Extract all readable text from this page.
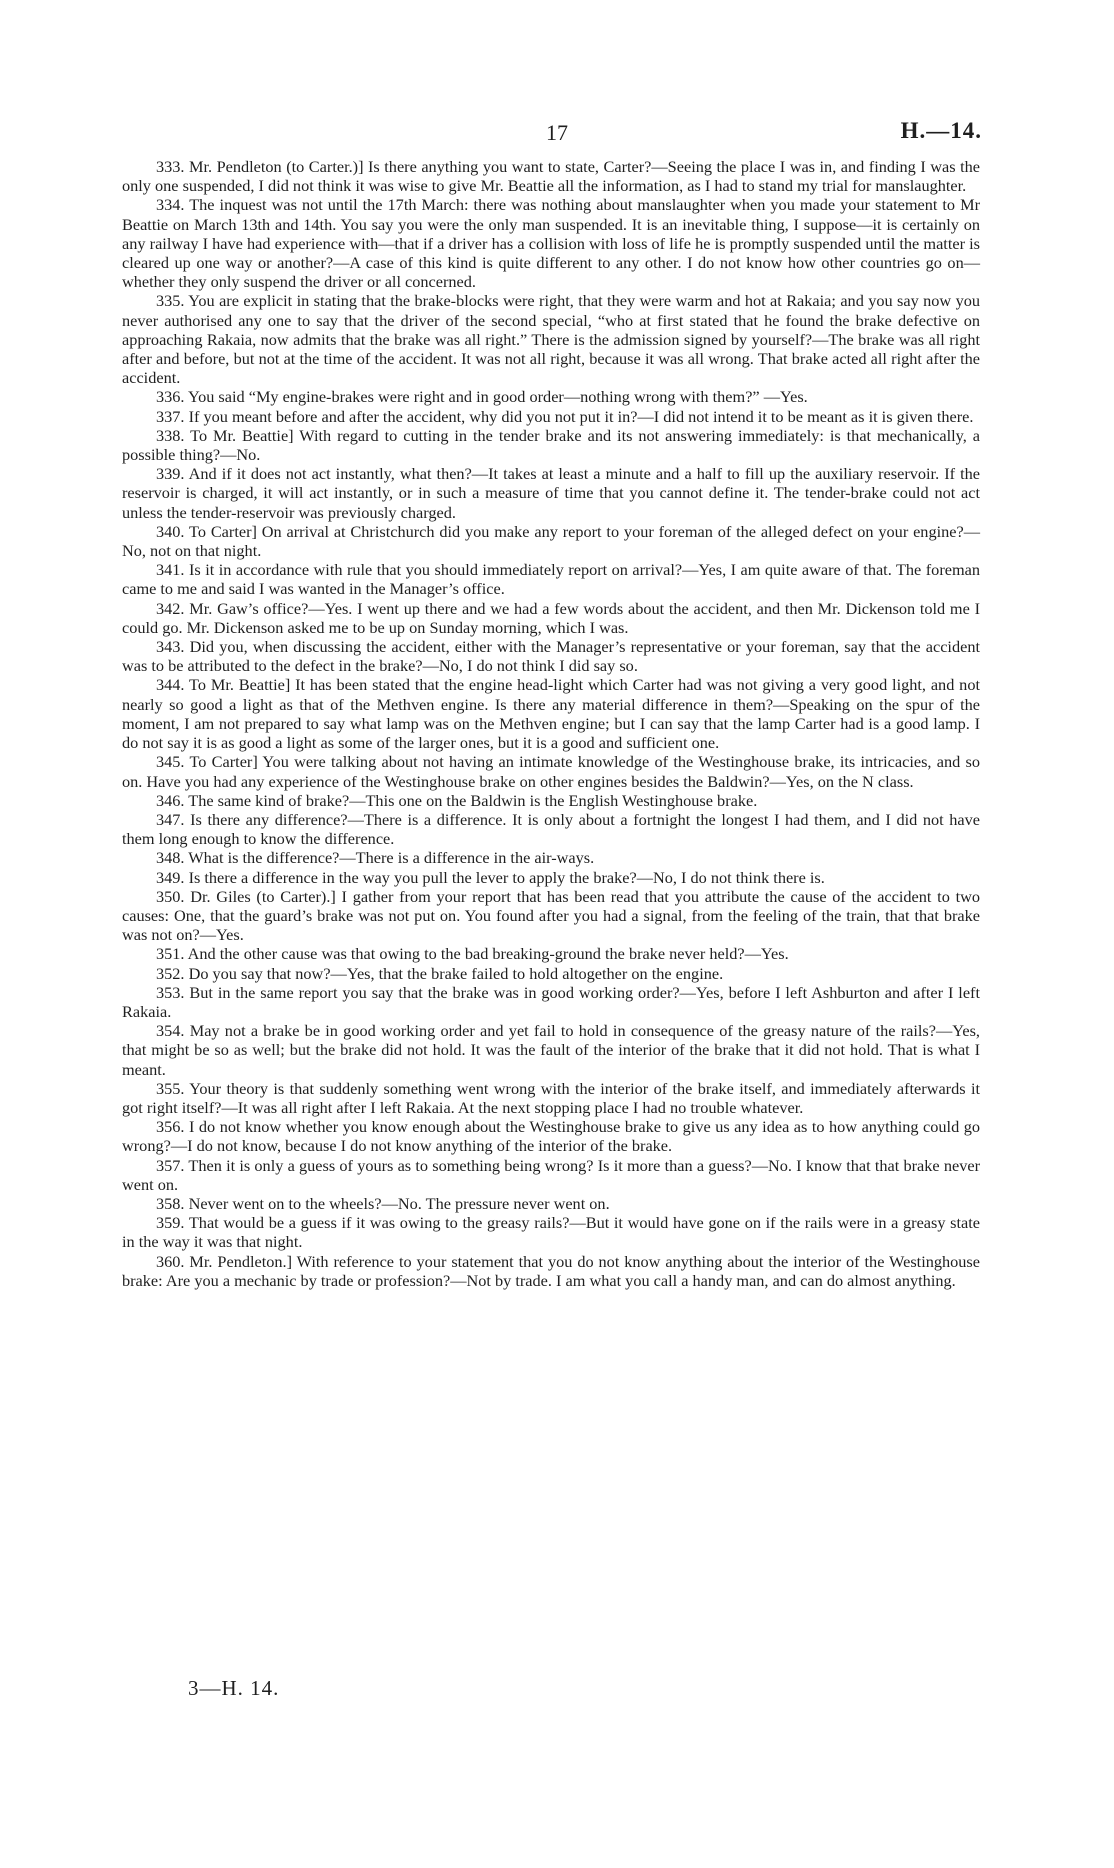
17	H.—14.

333. Mr. Pendleton (to Carter.)] Is there anything you want to state, Carter?—Seeing the place I was in, and finding I was the only one suspended, I did not think it was wise to give Mr. Beattie all the information, as I had to stand my trial for manslaughter.

334. The inquest was not until the 17th March: there was nothing about manslaughter when you made your statement to Mr Beattie on March 13th and 14th. You say you were the only man suspended. It is an inevitable thing, I suppose—it is certainly on any railway I have had experience with—that if a driver has a collision with loss of life he is promptly suspended until the matter is cleared up one way or another?—A case of this kind is quite different to any other. I do not know how other countries go on—whether they only suspend the driver or all concerned.

335. You are explicit in stating that the brake-blocks were right, that they were warm and hot at Rakaia; and you say now you never authorised any one to say that the driver of the second special, “who at first stated that he found the brake defective on approaching Rakaia, now admits that the brake was all right.” There is the admission signed by yourself?—The brake was all right after and before, but not at the time of the accident. It was not all right, because it was all wrong. That brake acted all right after the accident.

336. You said “My engine-brakes were right and in good order—nothing wrong with them?” —Yes.

337. If you meant before and after the accident, why did you not put it in?—I did not intend it to be meant as it is given there.

338. To Mr. Beattie] With regard to cutting in the tender brake and its not answering immediately: is that mechanically, a possible thing?—No.

339. And if it does not act instantly, what then?—It takes at least a minute and a half to fill up the auxiliary reservoir. If the reservoir is charged, it will act instantly, or in such a measure of time that you cannot define it. The tender-brake could not act unless the tender-reservoir was previously charged.

340. To Carter] On arrival at Christchurch did you make any report to your foreman of the alleged defect on your engine?—No, not on that night.

341. Is it in accordance with rule that you should immediately report on arrival?—Yes, I am quite aware of that. The foreman came to me and said I was wanted in the Manager’s office.

342. Mr. Gaw’s office?—Yes. I went up there and we had a few words about the accident, and then Mr. Dickenson told me I could go. Mr. Dickenson asked me to be up on Sunday morning, which I was.

343. Did you, when discussing the accident, either with the Manager’s representative or your foreman, say that the accident was to be attributed to the defect in the brake?—No, I do not think I did say so.

344. To Mr. Beattie] It has been stated that the engine head-light which Carter had was not giving a very good light, and not nearly so good a light as that of the Methven engine. Is there any material difference in them?—Speaking on the spur of the moment, I am not prepared to say what lamp was on the Methven engine; but I can say that the lamp Carter had is a good lamp. I do not say it is as good a light as some of the larger ones, but it is a good and sufficient one.

345. To Carter] You were talking about not having an intimate knowledge of the Westinghouse brake, its intricacies, and so on. Have you had any experience of the Westinghouse brake on other engines besides the Baldwin?—Yes, on the N class.

346. The same kind of brake?—This one on the Baldwin is the English Westinghouse brake.

347. Is there any difference?—There is a difference. It is only about a fortnight the longest I had them, and I did not have them long enough to know the difference.

348. What is the difference?—There is a difference in the air-ways.

349. Is there a difference in the way you pull the lever to apply the brake?—No, I do not think there is.

350. Dr. Giles (to Carter).] I gather from your report that has been read that you attribute the cause of the accident to two causes: One, that the guard’s brake was not put on. You found after you had a signal, from the feeling of the train, that that brake was not on?—Yes.

351. And the other cause was that owing to the bad breaking-ground the brake never held?—Yes.

352. Do you say that now?—Yes, that the brake failed to hold altogether on the engine.

353. But in the same report you say that the brake was in good working order?—Yes, before I left Ashburton and after I left Rakaia.

354. May not a brake be in good working order and yet fail to hold in consequence of the greasy nature of the rails?—Yes, that might be so as well; but the brake did not hold. It was the fault of the interior of the brake that it did not hold. That is what I meant.

355. Your theory is that suddenly something went wrong with the interior of the brake itself, and immediately afterwards it got right itself?—It was all right after I left Rakaia. At the next stopping place I had no trouble whatever.

356. I do not know whether you know enough about the Westinghouse brake to give us any idea as to how anything could go wrong?—I do not know, because I do not know anything of the interior of the brake.

357. Then it is only a guess of yours as to something being wrong? Is it more than a guess?—No. I know that that brake never went on.

358. Never went on to the wheels?—No. The pressure never went on.

359. That would be a guess if it was owing to the greasy rails?—But it would have gone on if the rails were in a greasy state in the way it was that night.

360. Mr. Pendleton.] With reference to your statement that you do not know anything about the interior of the Westinghouse brake: Are you a mechanic by trade or profession?—Not by trade. I am what you call a handy man, and can do almost anything.

3—H. 14.
